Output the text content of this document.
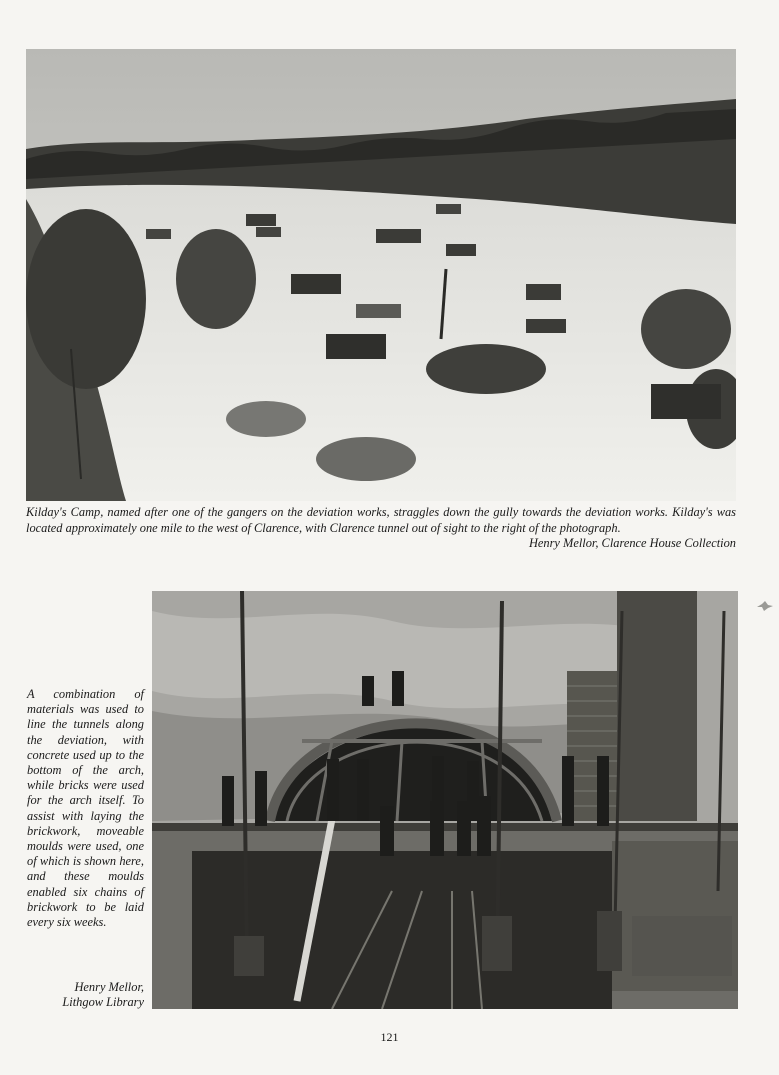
Kilday's Camp, named after one of the gangers on the deviation works, straggles down the gully towards the deviation works. Kilday's was located approximately one mile to the west of Clarence, with Clarence tunnel out of sight to the right of the photograph.
Henry Mellor, Clarence House Collection

A combination of materials was used to line the tunnels along the deviation, with concrete used up to the bottom of the arch, while bricks were used for the arch itself. To assist with laying the brickwork, moveable moulds were used, one of which is shown here, and these moulds enabled six chains of brickwork to be laid every six weeks.

Henry Mellor,
Lithgow Library

121
